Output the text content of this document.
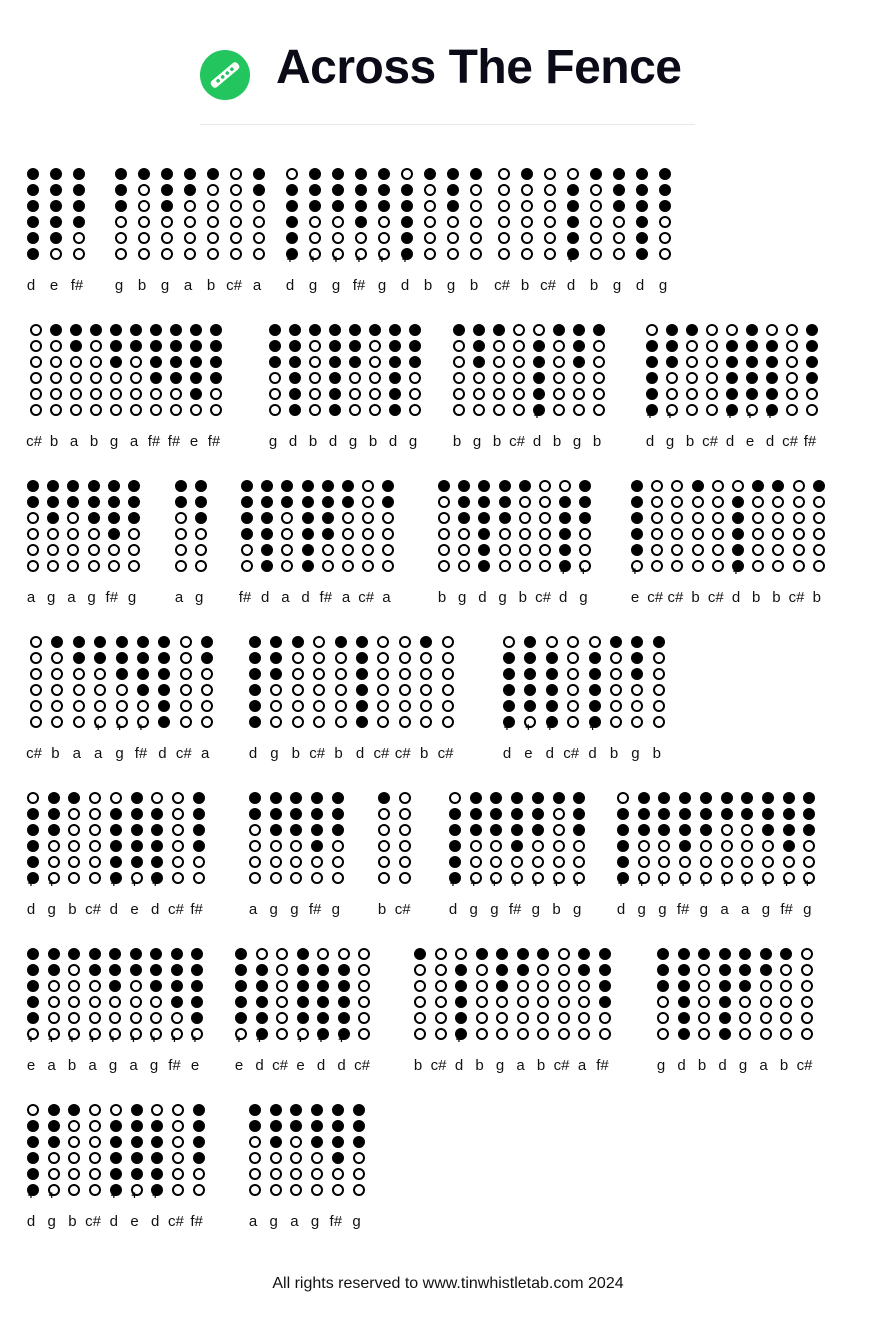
Across The Fence
d e f#	g b g a b c# a
+
d
+
g
+
g
+
f#
+
g
+
d b g b	c# b c#
+
d b g d g
c# b a b g a f# f# e f#	g d b d g b d g	b g b c#
+
d b g b
+
d
+
g b c#
+
d
+
e
+
d c# f#
a g a g f# g	a g	f# d a d f# a c# a	b g d g b c#
+
d
+
g
+
e c# c# b c#
+
d b b c# b
c# b a
+
a
+
g
+
f# d c# a	d g b c# b d c# c# b c#
+
d
+
e
+
d c#
+
d b g b
+
d
+
g b c#
+
d
+
e
+
d c# f#	a g g f# g	b c#
+
d
+
g
+
g
+
f#
+
g
+
b
+
g
+
d
+
g
+
g
+
f#
+
g
+
a
+
a
+
g
+
f#
+
g
+
e
+
a
+
b
+
a
+
g
+
a
+
g
+
f#
+
e
+
e
+
d c#
+
e
+
d
+
d c#	b c#
+
d b g a b c# a f#	g d b d g a b c#
+
d
+
g b c#
+
d
+
e
+
d c# f#	a g a g f# g
All rights reserved to www.tinwhistletab.com 2024
